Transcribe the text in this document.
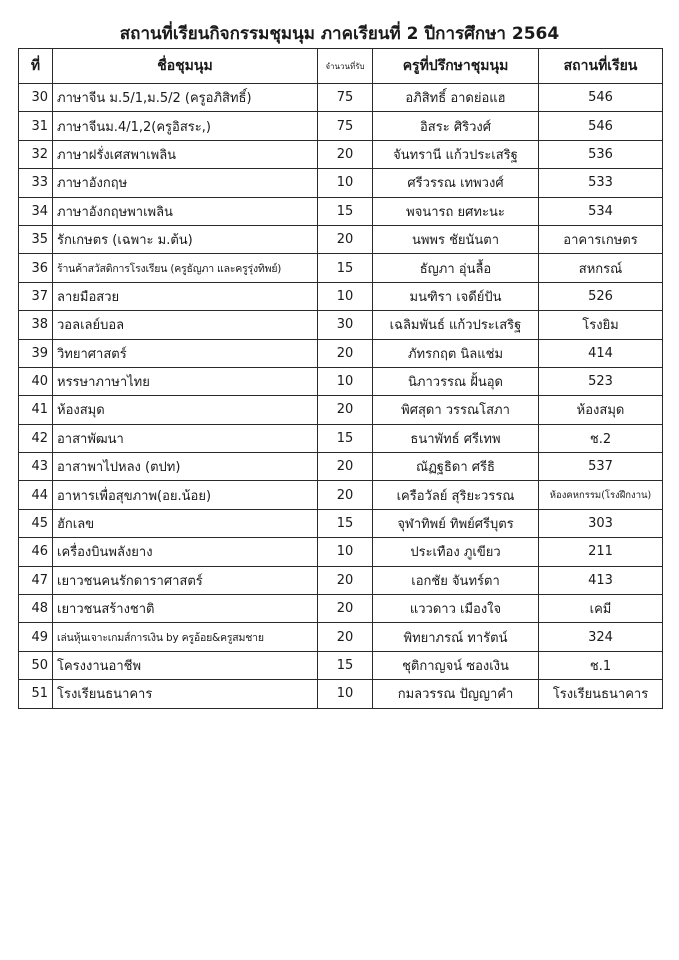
สถานที่เรียนกิจกรรมชุมนุม ภาคเรียนที่ 2 ปีการศึกษา 2564
ที่	ชื่อชุมนุม	จำนวนที่รับ	ครูที่ปรึกษาชุมนุม	สถานที่เรียน
30	ภาษาจีน ม.5/1,ม.5/2 (ครูอภิสิทธิ์)	75	อภิสิทธิ์ อาดย่อแฮ	546
31	ภาษาจีนม.4/1,2(ครูอิสระ,)	75	อิสระ ศิริวงศ์	546
32	ภาษาฝรั่งเศสพาเพลิน	20	จันทรานี แก้วประเสริฐ	536
33	ภาษาอังกฤษ	10	ศรีวรรณ เทพวงศ์	533
34	ภาษาอังกฤษพาเพลิน	15	พจนารถ ยศทะนะ	534
35	รักเกษตร (เฉพาะ ม.ต้น)	20	นพพร ชัยนันตา	อาคารเกษตร
36	ร้านค้าสวัสดิการโรงเรียน (ครูธัญภา และครูรุ่งทิพย์)	15	ธัญภา อุ่นลื้อ	สหกรณ์
37	ลายมือสวย	10	มนฑิรา เจดีย์ปัน	526
38	วอลเลย์บอล	30	เฉลิมพันธ์ แก้วประเสริฐ	โรงยิม
39	วิทยาศาสตร์	20	ภัทรกฤต นิลแช่ม	414
40	หรรษาภาษาไทย	10	นิภาวรรณ ฝั้นอุด	523
41	ห้องสมุด	20	พิศสุดา วรรณโสภา	ห้องสมุด
42	อาสาพัฒนา	15	ธนาพัทธ์ ศรีเทพ	ช.2
43	อาสาพาไปหลง (ตปท)	20	ณัฏฐธิดา ศรีธิ	537
44	อาหารเพื่อสุขภาพ(อย.น้อย)	20	เครือวัลย์ สุริยะวรรณ	ห้องคหกรรม(โรงฝึกงาน)
45	ฮักเลข	15	จุฬาทิพย์ ทิพย์ศรีบุตร	303
46	เครื่องบินพลังยาง	10	ประเทือง ภูเขียว	211
47	เยาวชนคนรักดาราศาสตร์	20	เอกชัย จันทร์ตา	413
48	เยาวชนสร้างชาติ	20	แววดาว เมืองใจ	เคมี
49	เล่นหุ้นเจาะเกมส์การเงิน by ครูอ้อย&ครูสมชาย	20	พิทยาภรณ์ ทารัตน์	324
50	โครงงานอาชีพ	15	ชุติกาญจน์ ซองเงิน	ช.1
51	โรงเรียนธนาคาร	10	กมลวรรณ ปัญญาคำ	โรงเรียนธนาคาร
